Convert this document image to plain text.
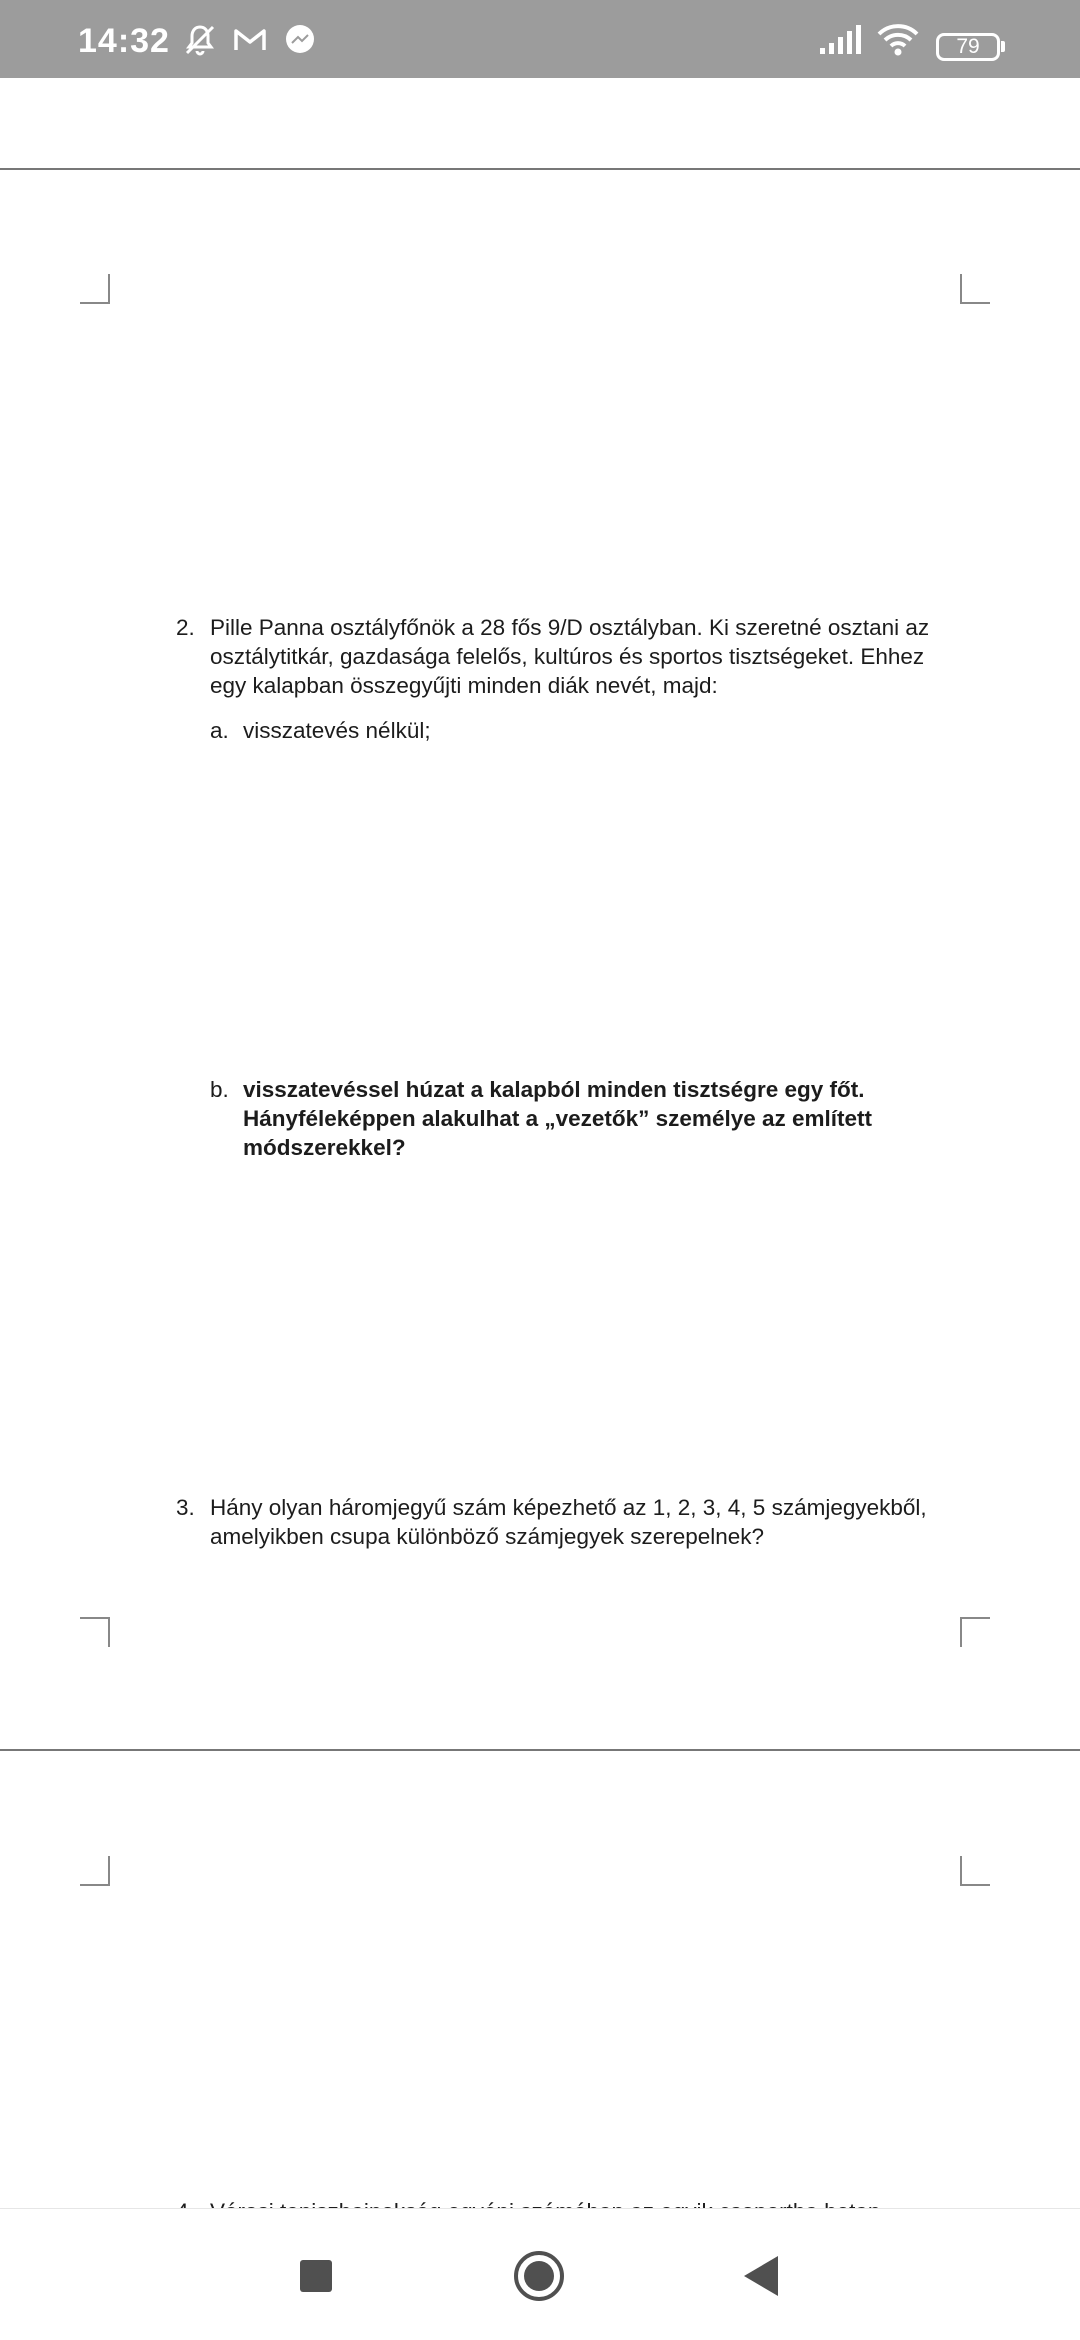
14:32	79
2. Pille Panna osztályfőnök a 28 fős 9/D osztályban. Ki szeretné osztani az osztálytitkár, gazdasága felelős, kultúros és sportos tisztségeket. Ehhez egy kalapban összegyűjti minden diák nevét, majd:
a. visszatevés nélkül;
b. visszatevéssel húzat a kalapból minden tisztségre egy főt. Hányféleképpen alakulhat a „vezetők” személye az említett módszerekkel?
3. Hány olyan háromjegyű szám képezhető az 1, 2, 3, 4, 5 számjegyekből, amelyikben csupa különböző számjegyek szerepelnek?
